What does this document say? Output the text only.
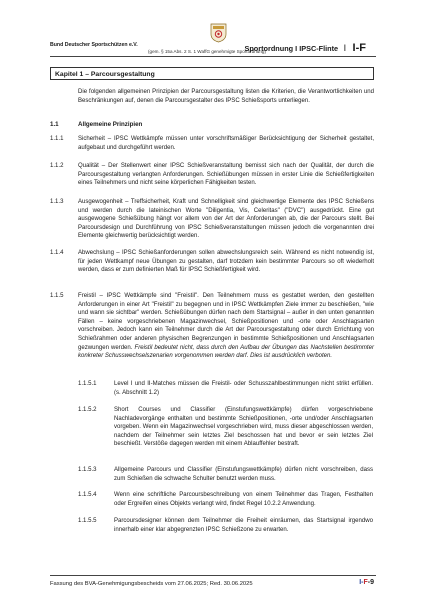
Bund Deutscher Sportschützen e.V.
(gem. § 15a Abs. 2 S. 1 WaffG genehmigte Sportordnung)
Sportordnung I IPSC-Flinte I I-F
Kapitel 1 – Parcoursgestaltung
Die folgenden allgemeinen Prinzipien der Parcoursgestaltung listen die Kriterien, die Verantwortlichkeiten und Beschränkungen auf, denen die Parcoursgestalter des IPSC Schießsports unterliegen.
1.1	Allgemeine Prinzipien
1.1.1 Sicherheit – IPSC Wettkämpfe müssen unter vorschriftsmäßiger Berücksichtigung der Sicherheit gestaltet, aufgebaut und durchgeführt werden.
1.1.2 Qualität – Der Stellenwert einer IPSC Schießveranstaltung bemisst sich nach der Qualität, der durch die Parcoursgestaltung verlangten Anforderungen. Schießübungen müssen in erster Linie die Schießfertigkeiten eines Teilnehmers und nicht seine körperlichen Fähigkeiten testen.
1.1.3 Ausgewogenheit – Treffsicherheit, Kraft und Schnelligkeit sind gleichwertige Elemente des IPSC Schießens und werden durch die lateinischen Worte "Diligentia, Vis, Celeritas" ("DVC") ausgedrückt. Eine gut ausgewogene Schießübung hängt vor allem von der Art der Anforderungen ab, die der Parcours stellt. Bei Parcoursdesign und Durchführung von IPSC Schießveranstaltungen müssen jedoch die vorgenannten drei Elemente gleichwertig berücksichtigt werden.
1.1.4 Abwechslung – IPSC Schießanforderungen sollen abwechslungsreich sein. Während es nicht notwendig ist, für jeden Wettkampf neue Übungen zu gestalten, darf trotzdem kein bestimmter Parcours so oft wiederholt werden, dass er zum definierten Maß für IPSC Schießfertigkeit wird.
1.1.5 Freistil – IPSC Wettkämpfe sind "Freistil". Den Teilnehmern muss es gestattet werden, den gestellten Anforderungen in einer Art "Freistil" zu begegnen und in IPSC Wettkämpfen Ziele immer zu beschießen, "wie und wann sie sichtbar" werden. Schießübungen dürfen nach dem Startsignal – außer in den unten genannten Fällen – keine vorgeschriebenen Magazinwechsel, Schießpositionen und -orte oder Anschlagsarten vorschreiben. Jedoch kann ein Teilnehmer durch die Art der Parcoursgestaltung oder durch Errichtung von Schießrahmen oder anderen physischen Begrenzungen in bestimmte Schießpositionen und Anschlagsarten gezwungen werden. Freistil bedeutet nicht, dass durch den Aufbau der Übungen das Nachstellen bestimmter konkreter Schusswechselszenarien vorgenommen werden darf. Dies ist ausdrücklich verboten.
1.1.5.1	Level I und II-Matches müssen die Freistil- oder Schusszahlbestimmungen nicht strikt erfüllen. (s. Abschnitt 1.2)
1.1.5.2	Short Courses und Classifier (Einstufungswettkämpfe) dürfen vorgeschriebene Nachladevorgänge enthalten und bestimmte Schießpositionen, -orte und/oder Anschlagsarten vorgeben. Wenn ein Magazinwechsel vorgeschrieben wird, muss dieser abgeschlossen werden, nachdem der Teilnehmer sein letztes Ziel beschossen hat und bevor er sein letztes Ziel beschießt. Verstöße dagegen werden mit einem Ablauffehler bestraft.
1.1.5.3	Allgemeine Parcours und Classifier (Einstufungswettkämpfe) dürfen nicht vorschreiben, dass zum Schießen die schwache Schulter benutzt werden muss.
1.1.5.4	Wenn eine schriftliche Parcoursbeschreibung von einem Teilnehmer das Tragen, Festhalten oder Ergreifen eines Objekts verlangt wird, findet Regel 10.2.2 Anwendung.
1.1.5.5	Parcoursdesigner können dem Teilnehmer die Freiheit einräumen, das Startsignal irgendwo innerhalb einer klar abgegrenzten IPSC Schießzone zu erwarten.
Fassung des BVA-Genehmigungsbescheids vom 27.06.2025; Red. 30.06.2025	I-F-9
